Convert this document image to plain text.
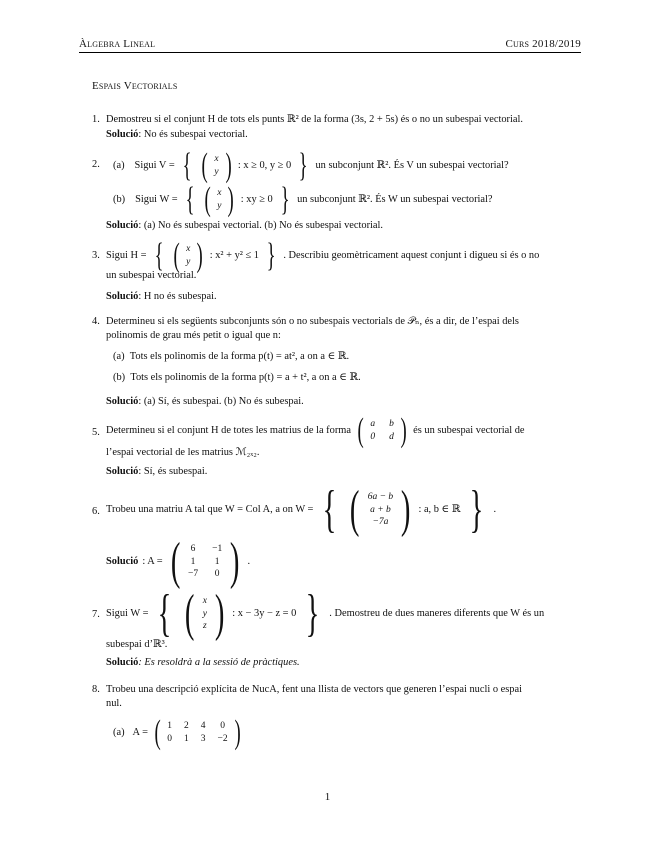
Àlgebra Lineal	Curs 2018/2019
Espais Vectorials
1. Demostreu si el conjunt H de tots els punts ℝ² de la forma (3s, 2 + 5s) és o no un subespai vectorial.
Solució: No és subespai vectorial.
2. (a) Sigui V = { ( x
y ) : x ≥ 0, y ≥ 0 } un subconjunt ℝ². És V un subespai vectorial?
(b) Sigui W = { ( x
y ) : xy ≥ 0 } un subconjunt ℝ². És W un subespai vectorial?
Solució: (a) No és subespai vectorial. (b) No és subespai vectorial.
3. Sigui H = { ( x
y ) : x² + y² ≤ 1 } . Describiu geomètricament aquest conjunt i digueu si és o no
un subespai vectorial.
Solució: H no és subespai.
4. Determineu si els següents subconjunts són o no subespais vectorials de 𝒫ₙ, és a dir, de l’espai dels
polinomis de grau més petit o igual que n:
(a) Tots els polinomis de la forma p(t) = at², a on a ∈ ℝ.
(b) Tots els polinomis de la forma p(t) = a + t², a on a ∈ ℝ.
Solució: (a) Sí, és subespai. (b) No és subespai.
5. Determineu si el conjunt H de totes les matrius de la forma ( a b
0 d ) és un subespai vectorial de
l’espai vectorial de les matrius ℳ₂ₓ₂.
Solució: Sí, és subespai.
6. Trobeu una matriu A tal que W = Col A, a on W = { ( 6a − b
a + b
−7a ) : a, b ∈ ℝ } .
Solució : A = ( 6 −1
1 1
−7 0 ) .
7. Sigui W = { ( x
y
z ) : x − 3y − z = 0 } . Demostreu de dues maneres diferents que W és un
subespai d’ℝ³.
Solució: Es resoldrà a la sessió de pràctiques.
8. Trobeu una descripció explícita de NucA, fent una llista de vectors que generen l’espai nucli o espai
nul.
(a) A = ( 1 2 4 0
0 1 3 −2 )
1
